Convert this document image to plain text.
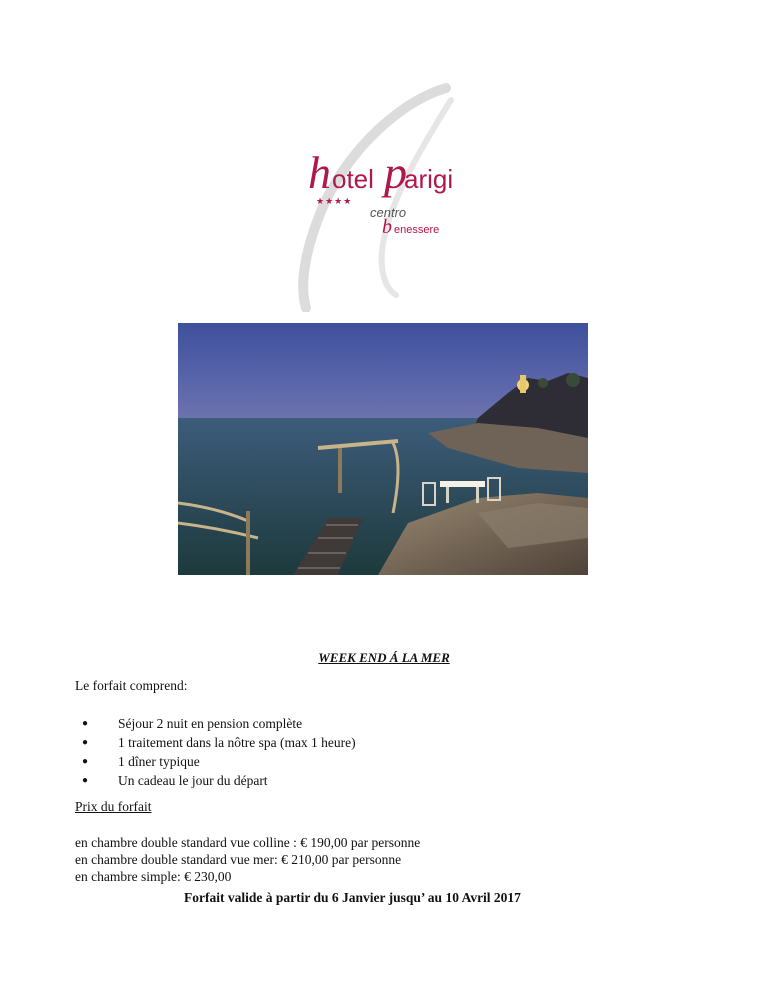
h otel p
arigi
★★★★
centro
b enessere
WEEK END Á LA MER
Le forfait comprend:
● Séjour 2 nuit en pension complète
● 1 traitement dans la nôtre spa (max 1 heure)
● 1 dîner typique
● Un cadeau le jour du départ
Prix du forfait
en chambre double standard vue colline : € 190,00 par personne
en chambre double standard vue mer: € 210,00 par personne
en chambre simple: € 230,00
Forfait valide à partir du 6 Janvier jusqu’ au 10 Avril 2017
